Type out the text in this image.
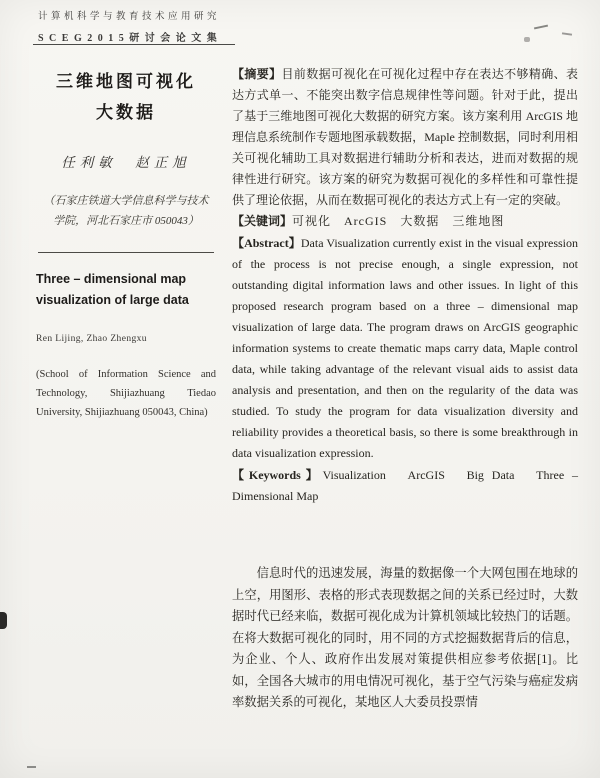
计算机科学与教育技术应用研究
SCEG2015研讨会论文集
三维地图可视化
大数据
任利敏　赵正旭
（石家庄铁道大学信息科学与技术学院，河北石家庄市 050043）
Three – dimensional map
visualization of large data
Ren Lijing, Zhao Zhengxu
(School of Information Science and Technology, Shijiazhuang Tiedao University, Shijiazhuang 050043, China)

【摘要】目前数据可视化在可视化过程中存在表达不够精确、表达方式单一、不能突出数字信息规律性等问题。针对于此，提出了基于三维地图可视化大数据的研究方案。该方案利用 ArcGIS 地理信息系统制作专题地图承载数据，Maple 控制数据，同时利用相关可视化辅助工具对数据进行辅助分析和表达，进而对数据的规律性进行研究。该方案的研究为数据可视化的多样性和可靠性提供了理论依据，从而在数据可视化的表达方式上有一定的突破。

【关键词】可视化　ArcGIS　大数据　三维地图

【Abstract】Data Visualization currently exist in the visual expression of the process is not precise enough, a single expression, not outstanding digital information laws and other issues. In light of this proposed research program based on a three – dimensional map visualization of large data. The program draws on ArcGIS geographic information systems to create thematic maps carry data, Maple control data, while taking advantage of the relevant visual aids to assist data analysis and presentation, and then on the regularity of the data was studied. To study the program for data visualization diversity and reliability provides a theoretical basis, so there is some breakthrough in data visualization expression.

【Keywords】Visualization　ArcGIS　Big Data　Three – Dimensional Map

信息时代的迅速发展，海量的数据像一个大网包围在地球的上空，用图形、表格的形式表现数据之间的关系已经过时，大数据时代已经来临，数据可视化成为计算机领域比较热门的话题。在将大数据可视化的同时，用不同的方式挖掘数据背后的信息，为企业、个人、政府作出发展对策提供相应参考依据[1]。比如，全国各大城市的用电情况可视化，基于空气污染与癌症发病率数据关系的可视化，某地区人大委员投票情
